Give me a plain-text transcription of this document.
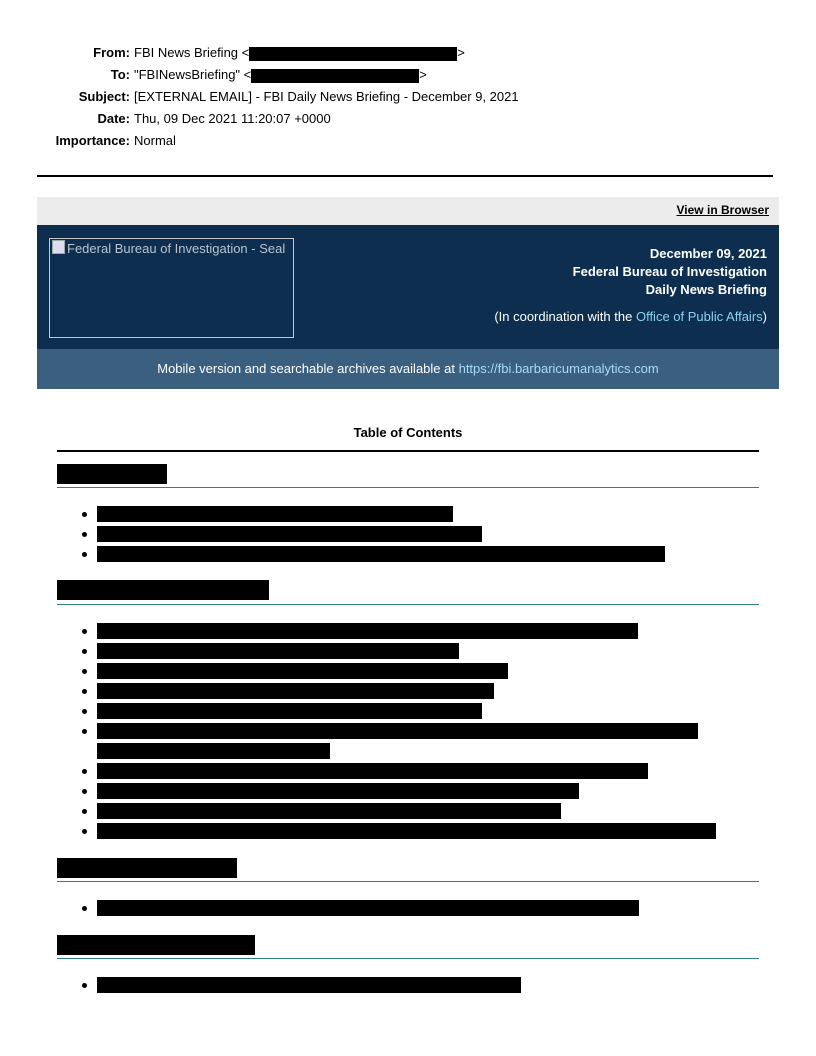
From: FBI News Briefing <	>
To: "FBINewsBriefing" <	>
Subject: [EXTERNAL EMAIL] - FBI Daily News Briefing - December 9, 2021
Date: Thu, 09 Dec 2021 11:20:07 +0000
Importance: Normal
View in Browser
Federal Bureau of Investigation - Seal	December 09, 2021
Federal Bureau of Investigation
Daily News Briefing
(In coordination with the Office of Public Affairs)
Mobile version and searchable archives available at https://fbi.barbaricumanalytics.com
Table of Contents
